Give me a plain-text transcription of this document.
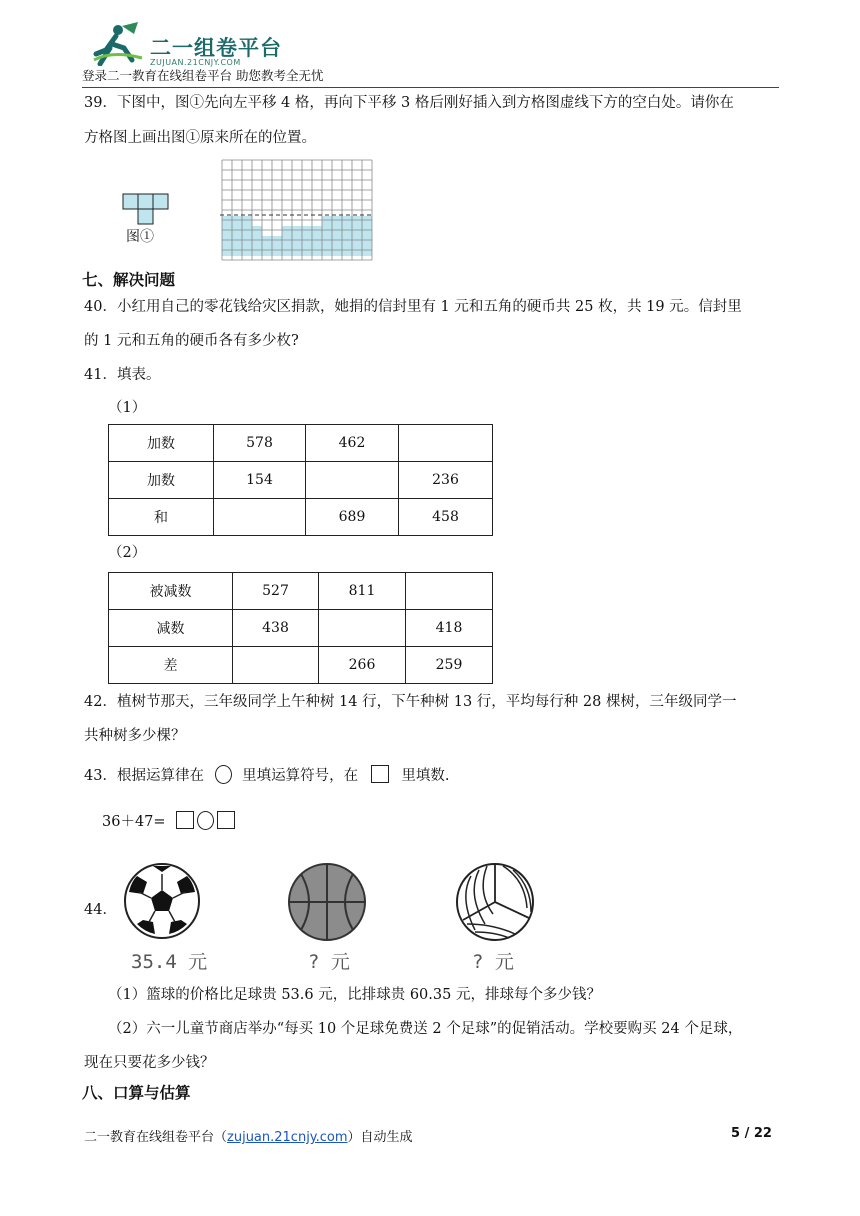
二一组卷平台
ZUJUAN.21CNJY.COM
登录二一教育在线组卷平台 助您教考全无忧
39．下图中，图①先向左平移 4 格，再向下平移 3 格后刚好插入到方格图虚线下方的空白处。请你在
方格图上画出图①原来所在的位置。
图①
七、解决问题
40．小红用自己的零花钱给灾区捐款，她捐的信封里有 1 元和五角的硬币共 25 枚，共 19 元。信封里
的 1 元和五角的硬币各有多少枚?
41．填表。
（1）
加数	578	462	
加数	154		236
和		689	458
（2）
被减数	527	811	
减数	438		418
差		266	259
42．植树节那天，三年级同学上午种树 14 行，下午种树 13 行，平均每行种 28 棵树，三年级同学一
共种树多少棵？
43．根据运算律在	里填运算符号，在	里填数.
36＋47=
44．
35.4 元	? 元	? 元
（1）篮球的价格比足球贵 53.6 元，比排球贵 60.35 元，排球每个多少钱？
（2）六一儿童节商店举办“每买 10 个足球免费送 2 个足球”的促销活动。学校要购买 24 个足球，
现在只要花多少钱？
八、口算与估算
二一教育在线组卷平台（zujuan.21cnjy.com）自动生成	5 / 22
